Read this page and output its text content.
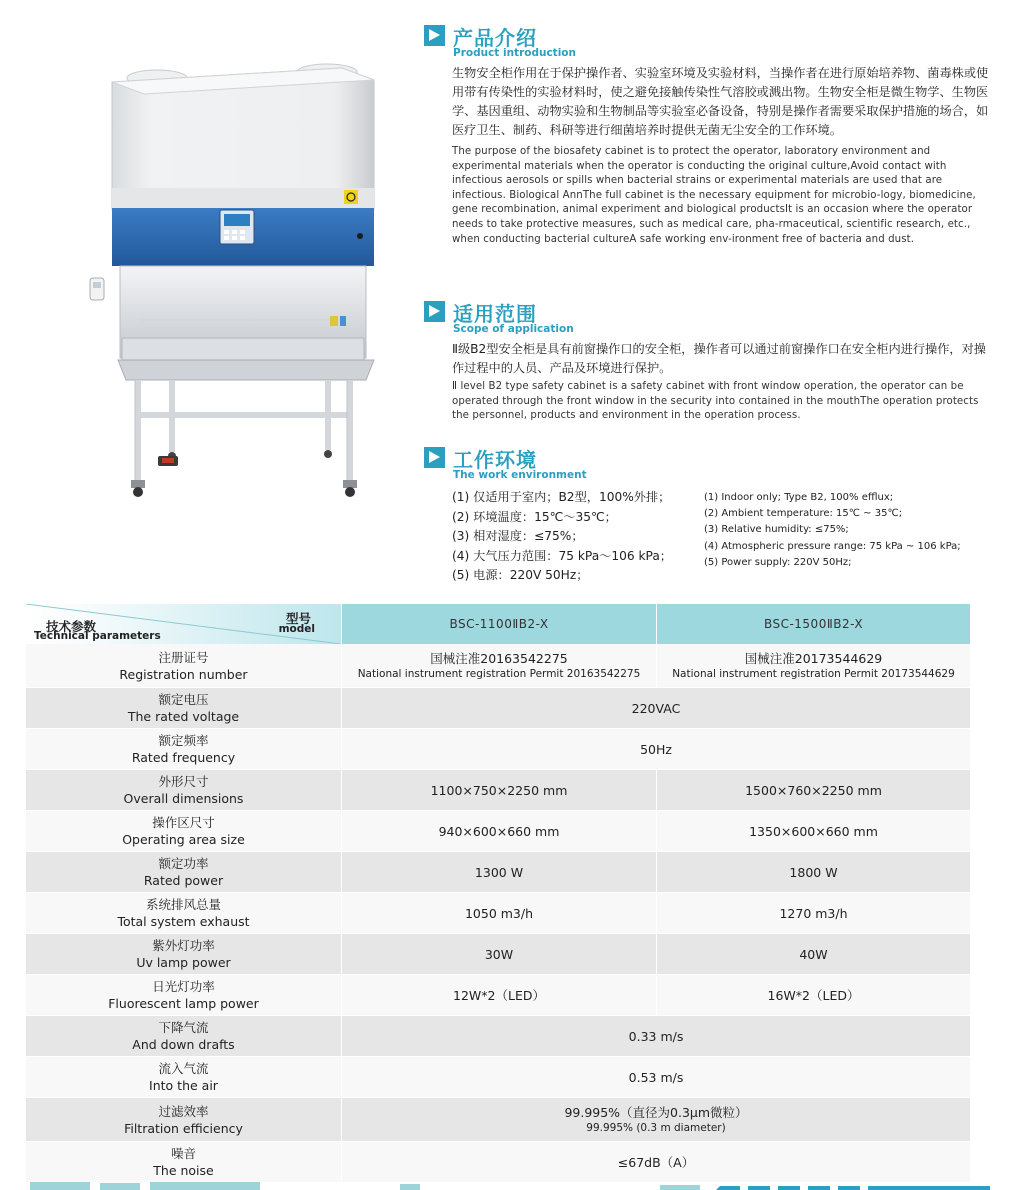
产品介绍
Product introduction

生物安全柜作用在于保护操作者、实验室环境及实验材料，当操作者在进行原始培养物、菌毒株或使用带有传染性的实验材料时，使之避免接触传染性气溶胶或溅出物。生物安全柜是微生物学、生物医学、基因重组、动物实验和生物制品等实验室必备设备，特别是操作者需要采取保护措施的场合，如医疗卫生、制药、科研等进行细菌培养时提供无菌无尘安全的工作环境。

The purpose of the biosafety cabinet is to protect the operator, laboratory environment and experimental materials when the operator is conducting the original culture,Avoid contact with infectious aerosols or spills when bacterial strains or experimental materials are used that are infectious. Biological AnnThe full cabinet is the necessary equipment for microbio-logy, biomedicine, gene recombination, animal experiment and biological productsIt is an occasion where the operator needs to take protective measures, such as medical care, pha-rmaceutical, scientific research, etc., when conducting bacterial cultureA safe working env-ironment free of bacteria and dust.

适用范围
Scope of application

Ⅱ级B2型安全柜是具有前窗操作口的安全柜，操作者可以通过前窗操作口在安全柜内进行操作，对操作过程中的人员、产品及环境进行保护。

Ⅱ level B2 type safety cabinet is a safety cabinet with front window operation, the operator can be operated through the front window in the security into contained in the mouthThe operation protects the personnel, products and environment in the operation process.

工作环境
The work environment
(1) 仅适用于室内；B2型，100%外排；
(2) 环境温度：15℃～35℃；
(3) 相对湿度：≤75%；
(4) 大气压力范围：75 kPa～106 kPa；
(5) 电源：220V 50Hz；
(1) Indoor only; Type B2, 100% efflux;
(2) Ambient temperature: 15℃ ~ 35℃;
(3) Relative humidity: ≤75%;
(4) Atmospheric pressure range: 75 kPa ~ 106 kPa;
(5) Power supply: 220V 50Hz;
技术参数
Technical parameters
型号
model	BSC-1100ⅡB2-X	BSC-1500ⅡB2-X

注册证号
Registration number	国械注准20163542275
National instrument registration Permit 20163542275	国械注准20173544629
National instrument registration Permit 20173544629

额定电压
The rated voltage	220VAC	

额定频率
Rated frequency	50Hz	

外形尺寸
Overall dimensions	1100×750×2250 mm	1500×760×2250 mm

操作区尺寸
Operating area size	940×600×660 mm	1350×600×660 mm

额定功率
Rated power	1300 W	1800 W

系统排风总量
Total system exhaust	1050 m3/h	1270 m3/h

紫外灯功率
Uv lamp power	30W	40W

日光灯功率
Fluorescent lamp power	12W*2（LED）	16W*2（LED）

下降气流
And down drafts	0.33 m/s	

流入气流
Into the air	0.53 m/s	

过滤效率
Filtration efficiency	99.995%（直径为0.3μm微粒）
99.995% (0.3 m diameter)	

噪音
The noise	≤67dB（A）	
